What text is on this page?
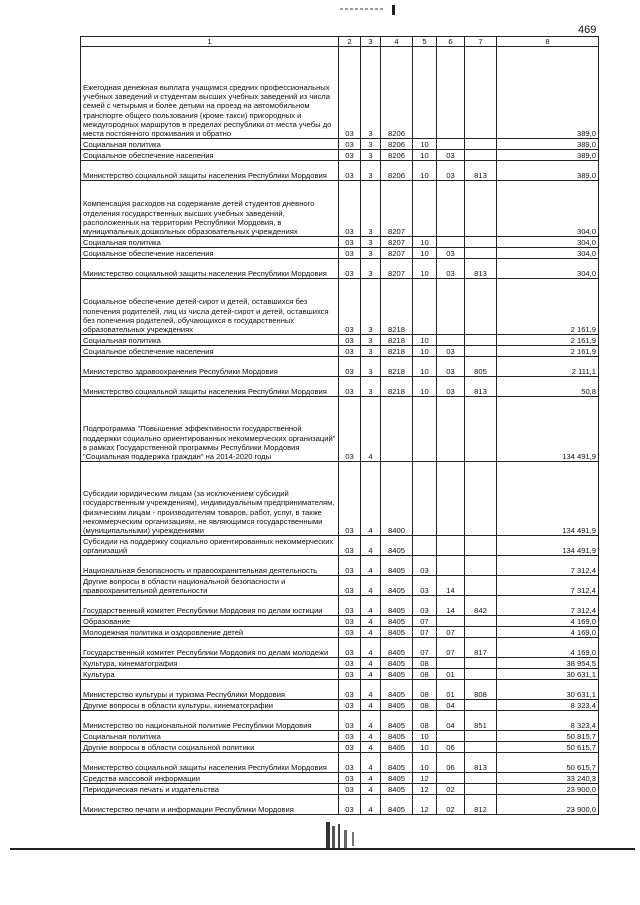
469
1	2	3	4	5	6	7	8
Ежегодная денежная выплата учащимся средних профессиональных учебных заведений и студентам высших учебных заведений из числа семей с четырьмя и более детьми на проезд на автомобильном транспорте общего пользования (кроме такси) пригородных и междугородных маршрутов в пределах республики от места учебы до места постоянного проживания и обратно	03	3	8206				389,0
Социальная политика	03	3	8206	10			389,0
Социальное обеспечение населения	03	3	8206	10	03		389,0
Министерство социальной защиты населения Республики Мордовия	03	3	8206	10	03	813	389,0
Компенсация расходов на содержание детей студентов дневного отделения государственных высших учебных заведений, расположенных на территории Республики Мордовия, в муниципальных дошкольных образовательных учреждениях	03	3	8207				304,0
Социальная политика	03	3	8207	10			304,0
Социальное обеспечение населения	03	3	8207	10	03		304,0
Министерство социальной защиты населения Республики Мордовия	03	3	8207	10	03	813	304,0
Социальное обеспечение детей-сирот и детей, оставшихся без попечения родителей, лиц из числа детей-сирот и детей, оставшихся без попечения родителей, обучающихся в государственных образовательных учреждениях	03	3	8218				2 161,9
Социальная политика	03	3	8218	10			2 161,9
Социальное обеспечение населения	03	3	8218	10	03		2 161,9
Министерство здравоохранения Республики Мордовия	03	3	8218	10	03	805	2 111,1
Министерство социальной защиты населения Республики Мордовия	03	3	8218	10	03	813	50,8
Подпрограмма "Повышение эффективности государственной поддержки социально ориентированных некоммерческих организаций" в рамках Государственной программы Республики Мордовия "Социальная поддержка граждан" на 2014-2020 годы	03	4					134 491,9
Субсидии юридическим лицам (за исключением субсидий государственным учреждениям), индивидуальным предпринимателям, физическим лицам - производителям товаров, работ, услуг, в также некоммерческим организациям, не являющимся государственными (муниципальными) учреждениями	03	4	8400				134 491,9
Субсидии на поддержку социально ориентированных некоммерческих организаций	03	4	8405				134 491,9
Национальная безопасность и правоохранительная деятельность	03	4	8405	03			7 312,4
Другие вопросы в области национальной безопасности и правоохранительной деятельности	03	4	8405	03	14		7 312,4
Государственный комитет Республики Мордовия по делам юстиции	03	4	8405	03	14	842	7 312,4
Образование	03	4	8405	07			4 169,0
Молодежная политика и оздоровление детей	03	4	8405	07	07		4 169,0
Государственный комитет Республики Мордовия по делам молодежи	03	4	8405	07	07	817	4 169,0
Культура, кинематография	03	4	8405	08			38 954,5
Культура	03	4	8405	08	01		30 631,1
Министерство культуры и туризма Республики Мордовия	03	4	8405	08	01	808	30 631,1
Другие вопросы в области культуры, кинематографии	03	4	8405	08	04		8 323,4
Министерство по национальной политике Республики Мордовия	03	4	8405	08	04	851	8 323,4
Социальная политика	03	4	8405	10			50 815,7
Другие вопросы в области социальной политики	03	4	8405	10	06		50 615,7
Министерство социальной защиты населения Республики Мордовия	03	4	8405	10	06	813	50 615,7
Средства массовой информации	03	4	8405	12			33 240,3
Периодическая печать и издательства	03	4	8405	12	02		23 900,0
Министерство печати и информации Республики Мордовия	03	4	8405	12	02	812	23 900,0
